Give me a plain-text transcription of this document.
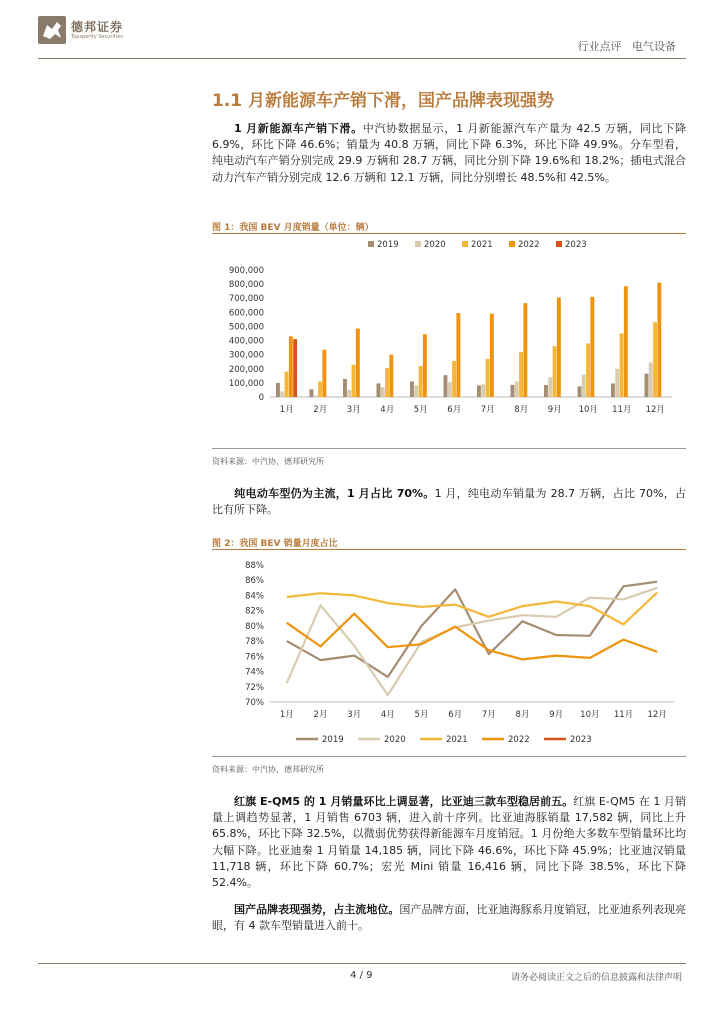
德邦证券
Topsperity Securities
行业点评 电气设备
1.1 月新能源车产销下滑，国产品牌表现强势
1 月新能源车产销下滑。中汽协数据显示，1 月新能源汽车产量为 42.5 万辆，同比下降 6.9%，环比下降 46.6%；销量为 40.8 万辆，同比下降 6.3%，环比下降 49.9%。分车型看，纯电动汽车产销分别完成 29.9 万辆和 28.7 万辆，同比分别下降 19.6%和 18.2%；插电式混合动力汽车产销分别完成 12.6 万辆和 12.1 万辆，同比分别增长 48.5%和 42.5%。
图 1：我国 BEV 月度销量（单位：辆）
2019	2020	2021	2022	2023
0
100,000
200,000
300,000
400,000
500,000
600,000
700,000
800,000
900,000
1月 2月 3月 4月 5月 6月 7月 8月 9月 10月 11月 12月
资料来源：中汽协，德邦研究所
纯电动车型仍为主流，1 月占比 70%。1 月，纯电动车销量为 28.7 万辆，占比 70%，占比有所下降。
图 2：我国 BEV 销量月度占比
70%
72%
74%
76%
78%
80%
82%
84%
86%
88%
1月 2月 3月 4月 5月 6月 7月 8月 9月 10月 11月 12月
2019	2020	2021	2022	2023
资料来源：中汽协，德邦研究所
红旗 E-QM5 的 1 月销量环比上调显著，比亚迪三款车型稳居前五。红旗 E-QM5 在 1 月销量上调趋势显著，1 月销售 6703 辆，进入前十序列。比亚迪海豚销量 17,582 辆，同比上升 65.8%，环比下降 32.5%，以微弱优势获得新能源车月度销冠。1 月份绝大多数车型销量环比均大幅下降。比亚迪秦 1 月销量 14,185 辆，同比下降 46.6%，环比下降 45.9%；比亚迪汉销量 11,718 辆，环比下降 60.7%；宏光 Mini 销量 16,416 辆，同比下降 38.5%，环比下降 52.4%。
国产品牌表现强势，占主流地位。国产品牌方面，比亚迪海豚系月度销冠，比亚迪系列表现亮眼，有 4 款车型销量进入前十。
4 / 9	请务必阅读正文之后的信息披露和法律声明
